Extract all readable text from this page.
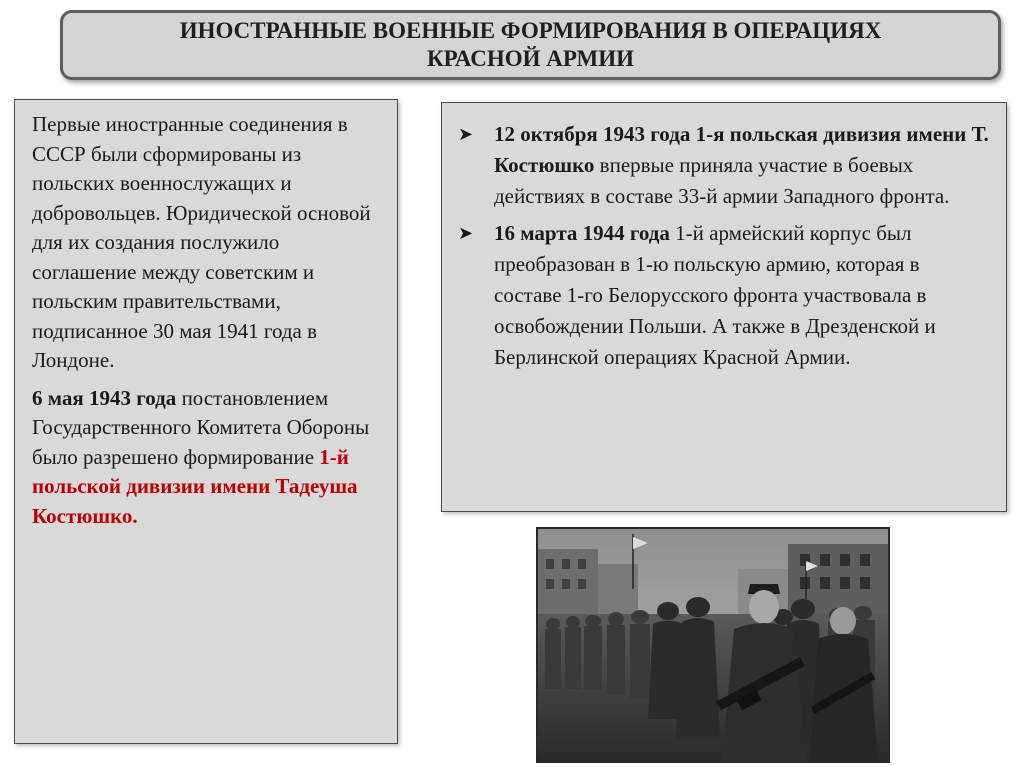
ИНОСТРАННЫЕ ВОЕННЫЕ ФОРМИРОВАНИЯ В ОПЕРАЦИЯХ
КРАСНОЙ АРМИИ

Первые иностранные соединения в СССР были сформированы из польских военнослужащих и добровольцев. Юридической основой для их создания послужило соглашение между советским и польским правительствами, подписанное 30 мая 1941 года в Лондоне.

6 мая 1943 года постановлением Государственного Комитета Обороны было разрешено формирование 1-й польской дивизии имени Тадеуша Костюшко.

➤ 12 октября 1943 года 1-я польская дивизия имени Т. Костюшко впервые приняла участие в боевых действиях в составе 33-й армии Западного фронта.
➤ 16 марта 1944 года 1-й армейский корпус был преобразован в 1-ю польскую армию, которая в составе 1-го Белорусского фронта участвовала в освобождении Польши. А также в Дрезденской и Берлинской операциях Красной Армии.
